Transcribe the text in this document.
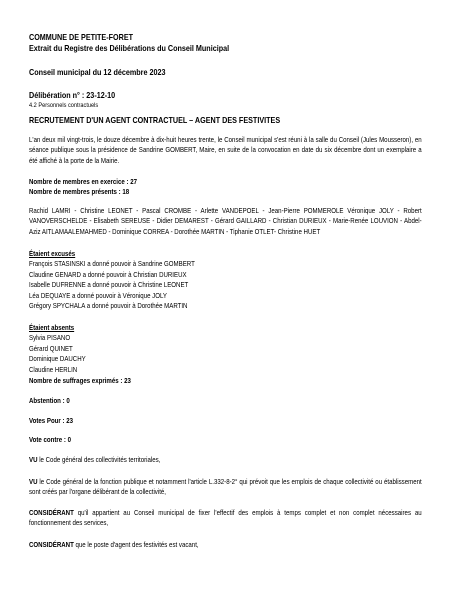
COMMUNE DE PETITE-FORET
Extrait du Registre des Délibérations du Conseil Municipal
Conseil municipal du 12 décembre 2023
Délibération n° : 23-12-10
4.2 Personnels contractuels
RECRUTEMENT D'UN AGENT CONTRACTUEL – AGENT DES FESTIVITES
L'an deux mil vingt-trois, le douze décembre à dix-huit heures trente, le Conseil municipal s'est réuni à la salle du Conseil (Jules Mousseron), en séance publique sous la présidence de Sandrine GOMBERT, Maire, en suite de la convocation en date du six décembre dont un exemplaire a été affiché à la porte de la Mairie.
Nombre de membres en exercice : 27
Nombre de membres présents : 18
Rachid LAMRI - Christine LEONET - Pascal CROMBE - Arlette VANDEPOEL - Jean-Pierre POMMEROLE Véronique JOLY - Robert VANOVERSCHELDE - Elisabeth SEREUSE - Didier DEMAREST - Gérard GAILLARD - Christian DURIEUX - Marie-Renée LOUVION - Abdel-Aziz AITLAMAALEMAHMED - Dominique CORREA - Dorothée MARTIN - Tiphanie OTLET- Christine HUET
Étaient excusés
François STASINSKI a donné pouvoir à Sandrine GOMBERT
Claudine GENARD a donné pouvoir à Christian DURIEUX
Isabelle DUFRENNE a donné pouvoir à Christine LEONET
Léa DEQUAYE a donné pouvoir à Véronique JOLY
Grégory SPYCHALA a donné pouvoir à Dorothée MARTIN
Étaient absents
Sylvia PISANO
Gérard QUINET
Dominique DAUCHY
Claudine HERLIN
Nombre de suffrages exprimés : 23
Abstention : 0
Votes Pour : 23
Vote contre : 0
VU le Code général des collectivités territoriales,
VU le Code général de la fonction publique et notamment l'article L.332-8-2° qui prévoit que les emplois de chaque collectivité ou établissement sont créés par l'organe délibérant de la collectivité,
CONSIDÉRANT qu'il appartient au Conseil municipal de fixer l'effectif des emplois à temps complet et non complet nécessaires au fonctionnement des services,
CONSIDÉRANT que le poste d'agent des festivités est vacant,
